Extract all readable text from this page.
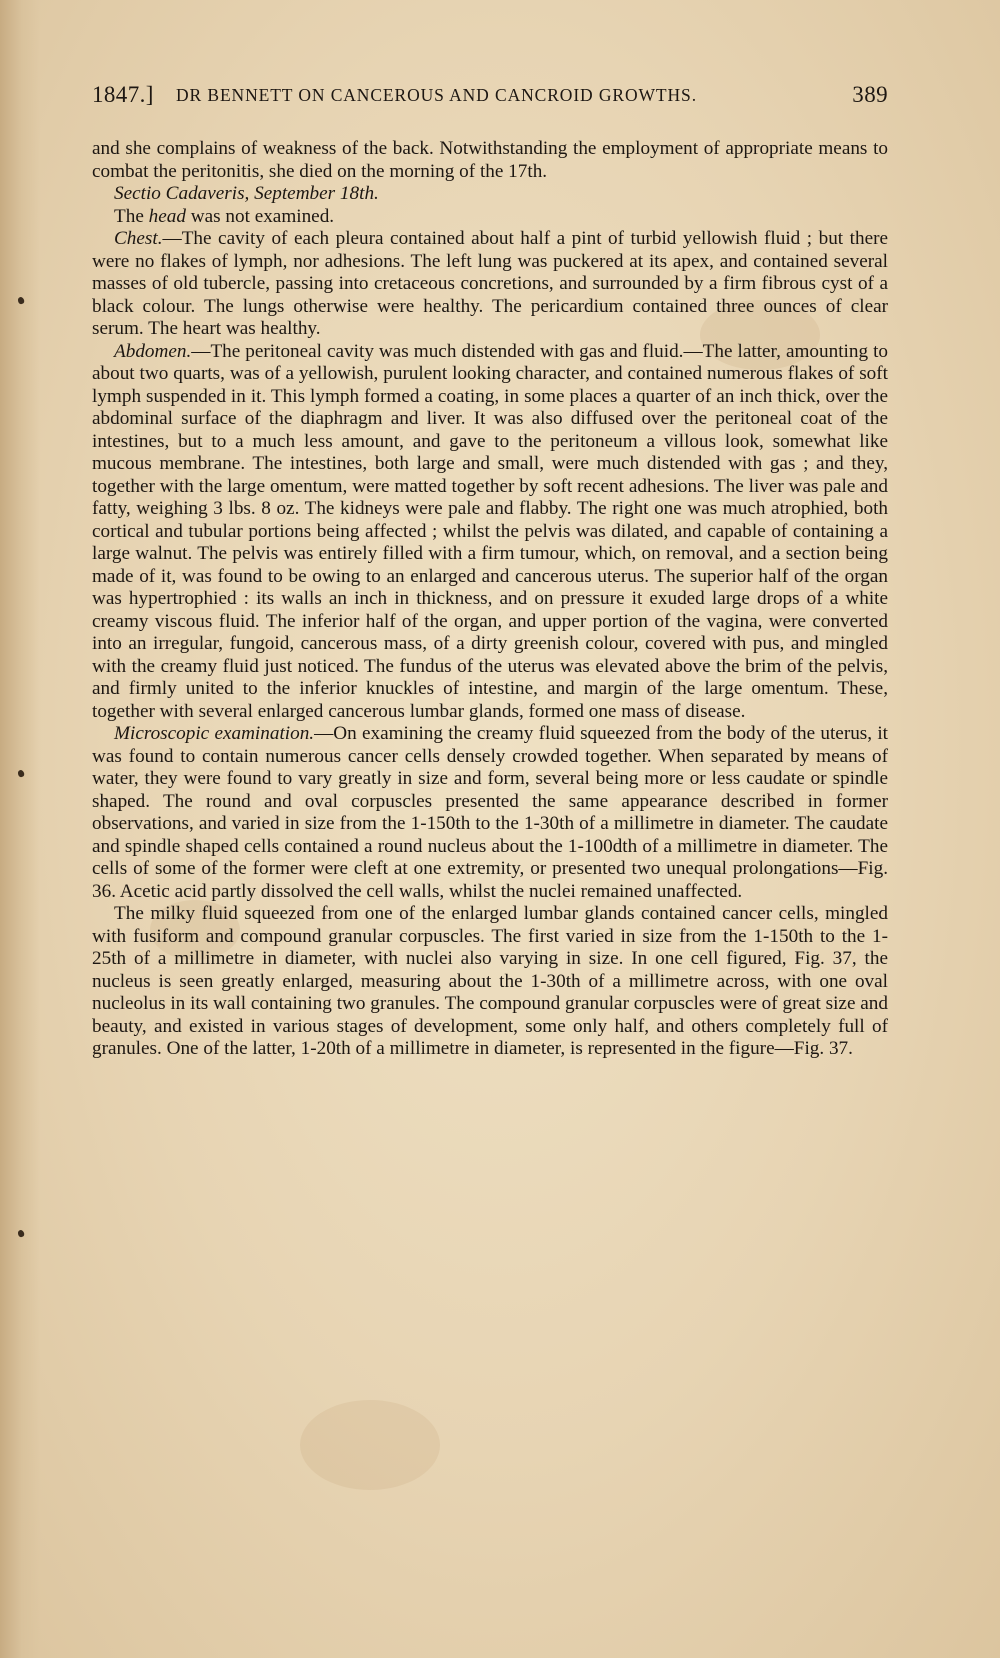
1847.] DR BENNETT ON CANCEROUS AND CANCROID GROWTHS.	389

and she complains of weakness of the back. Notwithstanding the employment of appropriate means to combat the peritonitis, she died on the morning of the 17th.

Sectio Cadaveris, September 18th.

The head was not examined.

Chest.—The cavity of each pleura contained about half a pint of turbid yellowish fluid ; but there were no flakes of lymph, nor adhesions. The left lung was puckered at its apex, and contained several masses of old tubercle, passing into cretaceous concretions, and surrounded by a firm fibrous cyst of a black colour. The lungs otherwise were healthy. The pericardium contained three ounces of clear serum. The heart was healthy.

Abdomen.—The peritoneal cavity was much distended with gas and fluid.—The latter, amounting to about two quarts, was of a yellowish, purulent looking character, and contained numerous flakes of soft lymph suspended in it. This lymph formed a coating, in some places a quarter of an inch thick, over the abdominal surface of the diaphragm and liver. It was also diffused over the peritoneal coat of the intestines, but to a much less amount, and gave to the peritoneum a villous look, somewhat like mucous membrane. The intestines, both large and small, were much distended with gas ; and they, together with the large omentum, were matted together by soft recent adhesions. The liver was pale and fatty, weighing 3 lbs. 8 oz. The kidneys were pale and flabby. The right one was much atrophied, both cortical and tubular portions being affected ; whilst the pelvis was dilated, and capable of containing a large walnut. The pelvis was entirely filled with a firm tumour, which, on removal, and a section being made of it, was found to be owing to an enlarged and cancerous uterus. The superior half of the organ was hypertrophied : its walls an inch in thickness, and on pressure it exuded large drops of a white creamy viscous fluid. The inferior half of the organ, and upper portion of the vagina, were converted into an irregular, fungoid, cancerous mass, of a dirty greenish colour, covered with pus, and mingled with the creamy fluid just noticed. The fundus of the uterus was elevated above the brim of the pelvis, and firmly united to the inferior knuckles of intestine, and margin of the large omentum. These, together with several enlarged cancerous lumbar glands, formed one mass of disease.

Microscopic examination.—On examining the creamy fluid squeezed from the body of the uterus, it was found to contain numerous cancer cells densely crowded together. When separated by means of water, they were found to vary greatly in size and form, several being more or less caudate or spindle shaped. The round and oval corpuscles presented the same appearance described in former observations, and varied in size from the 1-150th to the 1-30th of a millimetre in diameter. The caudate and spindle shaped cells contained a round nucleus about the 1-100dth of a millimetre in diameter. The cells of some of the former were cleft at one extremity, or presented two unequal prolongations—Fig. 36. Acetic acid partly dissolved the cell walls, whilst the nuclei remained unaffected.

The milky fluid squeezed from one of the enlarged lumbar glands contained cancer cells, mingled with fusiform and compound granular corpuscles. The first varied in size from the 1-150th to the 1-25th of a millimetre in diameter, with nuclei also varying in size. In one cell figured, Fig. 37, the nucleus is seen greatly enlarged, measuring about the 1-30th of a millimetre across, with one oval nucleolus in its wall containing two granules. The compound granular corpuscles were of great size and beauty, and existed in various stages of development, some only half, and others completely full of granules. One of the latter, 1-20th of a millimetre in diameter, is represented in the figure—Fig. 37.
